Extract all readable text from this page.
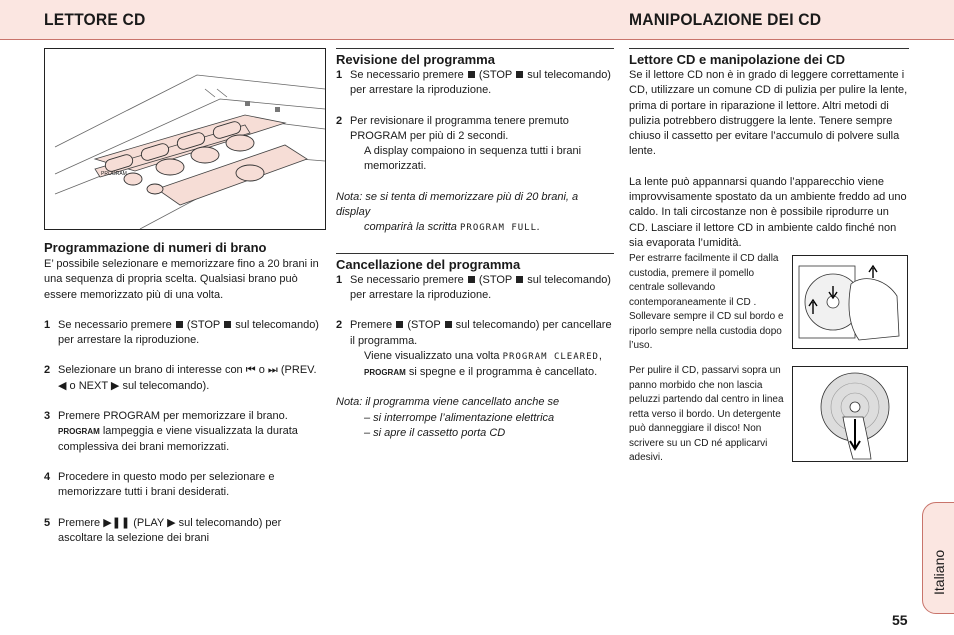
LETTORE CD	MANIPOLAZIONE DEI CD
PROGRAM

Programmazione di numeri di brano

E’ possibile selezionare e memorizzare fino a 20 brani in una sequenza di propria scelta. Qualsiasi brano può essere memorizzato più di una volta.

1 Se necessario premere (STOP sul telecomando) per arrestare la riproduzione.
2 Selezionare un brano di interesse con ⏮ o ⏭ (PREV. ◀ o NEXT ▶ sul telecomando).
3 Premere PROGRAM per memorizzare il brano.
PROGRAM lampeggia e viene visualizzata la durata complessiva dei brani memorizzati.
4 Procedere in questo modo per selezionare e memorizzare tutti i brani desiderati.
5 Premere ▶❚❚ (PLAY ▶ sul telecomando) per ascoltare la selezione dei brani

Revisione del programma

1 Se necessario premere (STOP sul telecomando) per arrestare la riproduzione.
2 Per revisionare il programma tenere premuto PROGRAM per più di 2 secondi.

A display compaiono in sequenza tutti i brani memorizzati.

Nota: se si tenta di memorizzare più di 20 brani, a display
comparirà la scritta PROGRAM FULL.

Cancellazione del programma

1 Se necessario premere (STOP sul telecomando) per arrestare la riproduzione.
2 Premere (STOP sul telecomando) per cancellare il programma.
Viene visualizzato una volta PROGRAM CLEARED,
PROGRAM si spegne e il programma è cancellato.

Nota: il programma viene cancellato anche se

– si interrompe l’alimentazione elettrica

– si apre il cassetto porta CD

Lettore CD e manipolazione dei CD

Se il lettore CD non è in grado di leggere correttamente i CD, utilizzare un comune CD di pulizia per pulire la lente, prima di portare in riparazione il lettore. Altri metodi di pulizia potrebbero distruggere la lente. Tenere sempre chiuso il cassetto per evitare l’accumulo di polvere sulla lente.

La lente può appannarsi quando l’apparecchio viene improvvisamente spostato da un ambiente freddo ad uno caldo. In tali circostanze non è possibile riprodurre un CD. Lasciare il lettore CD in ambiente caldo finché non sia evaporata l’umidità.

Per estrarre facilmente il CD dalla custodia, premere il pomello centrale sollevando contemporaneamente il CD . Sollevare sempre il CD sul bordo e riporlo sempre nella custodia dopo l’uso.
Per pulire il CD, passarvi sopra un panno morbido che non lascia peluzzi partendo dal centro in linea retta verso il bordo. Un detergente può danneggiare il disco! Non scrivere su un CD né applicarvi adesivi.
Italiano
55
